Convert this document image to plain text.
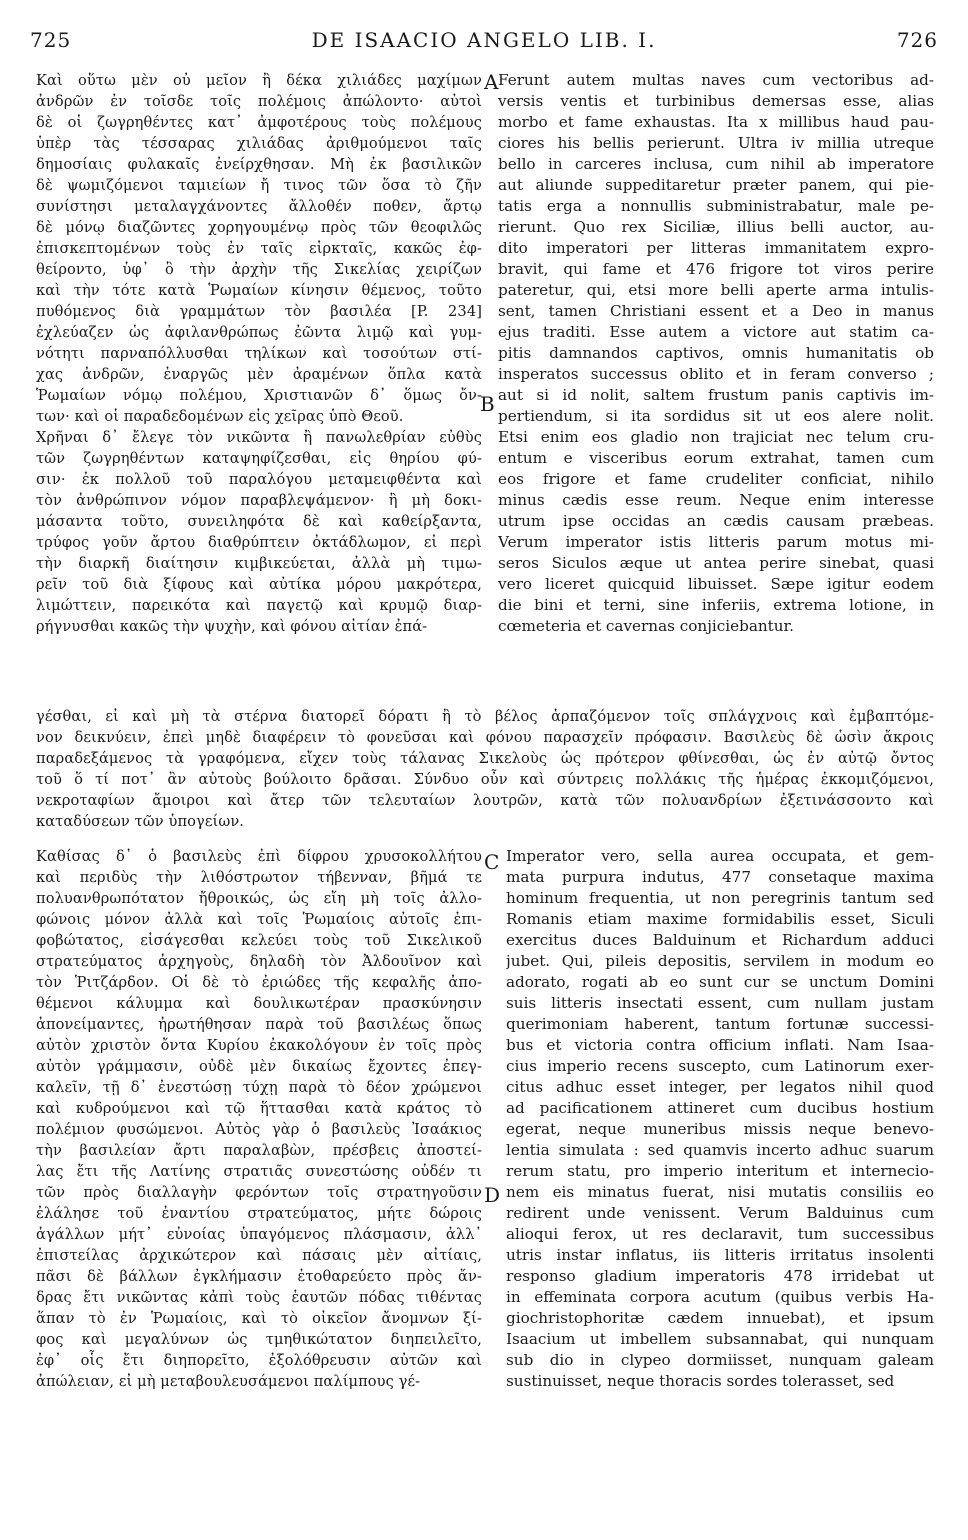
725	DE ISAACIO ANGELO LIB. I.	726
Καὶ οὕτω μὲν οὐ μεῖον ἢ δέκα χιλιάδες μαχίμων
ἀνδρῶν ἐν τοῖσδε τοῖς πολέμοις ἀπώλοντο· αὐτοὶ
δὲ οἱ ζωγρηθέντες κατ᾽ ἀμφοτέρους τοὺς πολέμους
ὑπὲρ τὰς τέσσαρας χιλιάδας ἀριθμούμενοι ταῖς
δημοσίαις φυλακαῖς ἐνείρχθησαν. Μὴ ἐκ βασιλικῶν
δὲ ψωμιζόμενοι ταμιείων ἤ τινος τῶν ὅσα τὸ ζῆν
συνίστησι μεταλαγχάνοντες ἄλλοθέν ποθεν, ἄρτῳ
δὲ μόνῳ διαζῶντες χορηγουμένῳ πρὸς τῶν θεοφιλῶς
ἐπισκεπτομένων τοὺς ἐν ταῖς εἱρκταῖς, κακῶς ἐφ-
θείροντο, ὑφ᾽ ὃ τὴν ἀρχὴν τῆς Σικελίας χειρίζων
καὶ τὴν τότε κατὰ Ῥωμαίων κίνησιν θέμενος, τοῦτο
πυθόμενος διὰ γραμμάτων τὸν βασιλέα [P. 234]
ἐχλεύαζεν ὡς ἀφιλανθρώπως ἐῶντα λιμῷ καὶ γυμ-
νότητι παρναπόλλυσθαι τηλίκων καὶ τοσούτων στί-
χας ἀνδρῶν, ἐναργῶς μὲν ἀραμένων ὅπλα κατὰ
Ῥωμαίων νόμῳ πολέμου, Χριστιανῶν δ᾽ ὅμως ὄν-
των· καὶ οἱ παραδεδομένων εἰς χεῖρας ὑπὸ Θεοῦ.
Χρῆναι δ᾽ ἔλεγε τὸν νικῶντα ἢ πανωλεθρίαν εὐθὺς
τῶν ζωγρηθέντων καταψηφίζεσθαι, εἰς θηρίου φύ-
σιν· ἐκ πολλοῦ τοῦ παραλόγου μεταμειφθέντα καὶ
τὸν ἀνθρώπινον νόμον παραβλεψάμενον· ἢ μὴ δοκι-
μάσαντα τοῦτο, συνειληφότα δὲ καὶ καθείρξαντα,
τρύφος γοῦν ἄρτου διαθρύπτειν ὀκτάδλωμον, εἰ περὶ
τὴν διαρκῆ διαίτησιν κιμβικεύεται, ἀλλὰ μὴ τιμω-
ρεῖν τοῦ διὰ ξίφους καὶ αὐτίκα μόρου μακρότερα,
λιμώττειν, παρεικότα καὶ παγετῷ καὶ κρυμῷ διαρ-
ρήγνυσθαι κακῶς τὴν ψυχὴν, καὶ φόνου αἰτίαν ἐπά-
Ferunt autem multas naves cum vectoribus ad-
versis ventis et turbinibus demersas esse, alias
morbo et fame exhaustas. Ita x millibus haud pau-
ciores his bellis perierunt. Ultra iv millia utreque
bello in carceres inclusa, cum nihil ab imperatore
aut aliunde suppeditaretur præter panem, qui pie-
tatis erga a nonnullis subministrabatur, male pe-
rierunt. Quo rex Siciliæ, illius belli auctor, au-
dito imperatori per litteras immanitatem expro-
bravit, qui fame et 476 frigore tot viros perire
pateretur, qui, etsi more belli aperte arma intulis-
sent, tamen Christiani essent et a Deo in manus
ejus traditi. Esse autem a victore aut statim ca-
pitis damnandos captivos, omnis humanitatis ob
insperatos successus oblito et in feram converso ;
aut si id nolit, saltem frustum panis captivis im-
pertiendum, si ita sordidus sit ut eos alere nolit.
Etsi enim eos gladio non trajiciat nec telum cru-
entum e visceribus eorum extrahat, tamen cum
eos frigore et fame crudeliter conficiat, nihilo
minus cædis esse reum. Neque enim interesse
utrum ipse occidas an cædis causam præbeas.
Verum imperator istis litteris parum motus mi-
seros Siculos æque ut antea perire sinebat, quasi
vero liceret quicquid libuisset. Sæpe igitur eodem
die bini et terni, sine inferiis, extrema lotione, in
cœmeteria et cavernas conjiciebantur.
γέσθαι, εἰ καὶ μὴ τὰ στέρνα διατορεῖ δόρατι ἢ τὸ βέλος ἁρπαζόμενον τοῖς σπλάγχνοις καὶ ἐμβαπτόμε-
νον δεικνύειν, ἐπεὶ μηδὲ διαφέρειν τὸ φονεῦσαι καὶ φόνου παρασχεῖν πρόφασιν. Βασιλεὺς δὲ ὡσὶν ἄκροις
παραδεξάμενος τὰ γραφόμενα, εἴχεν τοὺς τάλανας Σικελοὺς ὡς πρότερον φθίνεσθαι, ὡς ἐν αὐτῷ ὄντος
τοῦ ὅ τί ποτ᾽ ἂν αὐτοὺς βούλοιτο δρᾶσαι. Σύνδυο οὖν καὶ σύντρεις πολλάκις τῆς ἡμέρας ἐκκομιζόμενοι,
νεκροταφίων ἄμοιροι καὶ ἄτερ τῶν τελευταίων λουτρῶν, κατὰ τῶν πολυανδρίων ἐξετινάσσοντο καὶ
καταδύσεων τῶν ὑπογείων.
Καθίσας δ᾽ ὁ βασιλεὺς ἐπὶ δίφρου χρυσοκολλήτου
καὶ περιδὺς τὴν λιθόστρωτον τήβενναν, βῆμά τε
πολυανθρωπότατον ἤθροικώς, ὡς εἴη μὴ τοῖς ἀλλο-
φώνοις μόνον ἀλλὰ καὶ τοῖς Ῥωμαίοις αὐτοῖς ἐπι-
φοβώτατος, εἰσάγεσθαι κελεύει τοὺς τοῦ Σικελικοῦ
στρατεύματος ἀρχηγοὺς, δηλαδὴ τὸν Ἀλδουῖνον καὶ
τὸν Ῥιτζάρδον. Οἱ δὲ τὸ ἐριώδες τῆς κεφαλῆς ἀπο-
θέμενοι κάλυμμα καὶ δουλικωτέραν πρασκύνησιν
ἀπονείμαντες, ἠρωτήθησαν παρὰ τοῦ βασιλέως ὅπως
αὐτὸν χριστὸν ὄντα Κυρίου ἐκακολόγουν ἐν τοῖς πρὸς
αὐτὸν γράμμασιν, οὐδὲ μὲν δικαίως ἔχοντες ἐπεγ-
καλεῖν, τῇ δ᾽ ἐνεστώσῃ τύχῃ παρὰ τὸ δέον χρώμενοι
καὶ κυδρούμενοι καὶ τῷ ἥττασθαι κατὰ κράτος τὸ
πολέμιον φυσώμενοι. Αὐτὸς γὰρ ὁ βασιλεὺς Ἰσαάκιος
τὴν βασιλείαν ἄρτι παραλαβὼν, πρέσβεις ἀποστεί-
λας ἔτι τῆς Λατίνης στρατιᾶς συνεστώσης οὐδέν τι
τῶν πρὸς διαλλαγὴν φερόντων τοῖς στρατηγοῦσιν
ἐλάλησε τοῦ ἐναντίου στρατεύματος, μήτε δώροις
ἀγάλλων μήτ᾽ εὐνοίας ὑπαγόμενος πλάσμασιν, ἀλλ᾽
ἐπιστείλας ἀρχικώτερον καὶ πάσαις μὲν αἰτίαις,
πᾶσι δὲ βάλλων ἐγκλήμασιν ἐτοθαρεύετο πρὸς ἄν-
δρας ἔτι νικῶντας κἀπὶ τοὺς ἑαυτῶν πόδας τιθέντας
ἅπαν τὸ ἐν Ῥωμαίοις, καὶ τὸ οἰκεῖον ἄνομνων ξί-
φος καὶ μεγαλύνων ὡς τμηθικώτατον διηπειλεῖτο,
ἐφ᾽ οἷς ἔτι διηπορεῖτο, ἐξολόθρευσιν αὐτῶν καὶ
ἀπώλειαν, εἰ μὴ μεταβουλευσάμενοι παλίμπους γέ-
Imperator vero, sella aurea occupata, et gem-
mata purpura indutus, 477 consetaque maxima
hominum frequentia, ut non peregrinis tantum sed
Romanis etiam maxime formidabilis esset, Siculi
exercitus duces Balduinum et Richardum adduci
jubet. Qui, pileis depositis, servilem in modum eo
adorato, rogati ab eo sunt cur se unctum Domini
suis litteris insectati essent, cum nullam justam
querimoniam haberent, tantum fortunæ successi-
bus et victoria contra officium inflati. Nam Isaa-
cius imperio recens suscepto, cum Latinorum exer-
citus adhuc esset integer, per legatos nihil quod
ad pacificationem attineret cum ducibus hostium
egerat, neque muneribus missis neque benevo-
lentia simulata : sed quamvis incerto adhuc suarum
rerum statu, pro imperio interitum et internecio-
nem eis minatus fuerat, nisi mutatis consiliis eo
redirent unde venissent. Verum Balduinus cum
alioqui ferox, ut res declaravit, tum successibus
utris instar inflatus, iis litteris irritatus insolenti
responso gladium imperatoris 478 irridebat ut
in effeminata corpora acutum (quibus verbis Ha-
giochristophoritæ cædem innuebat), et ipsum
Isaacium ut imbellem subsannabat, qui nunquam
sub dio in clypeo dormiisset, nunquam galeam
sustinuisset, neque thoracis sordes tolerasset, sed
A
B
C
D
